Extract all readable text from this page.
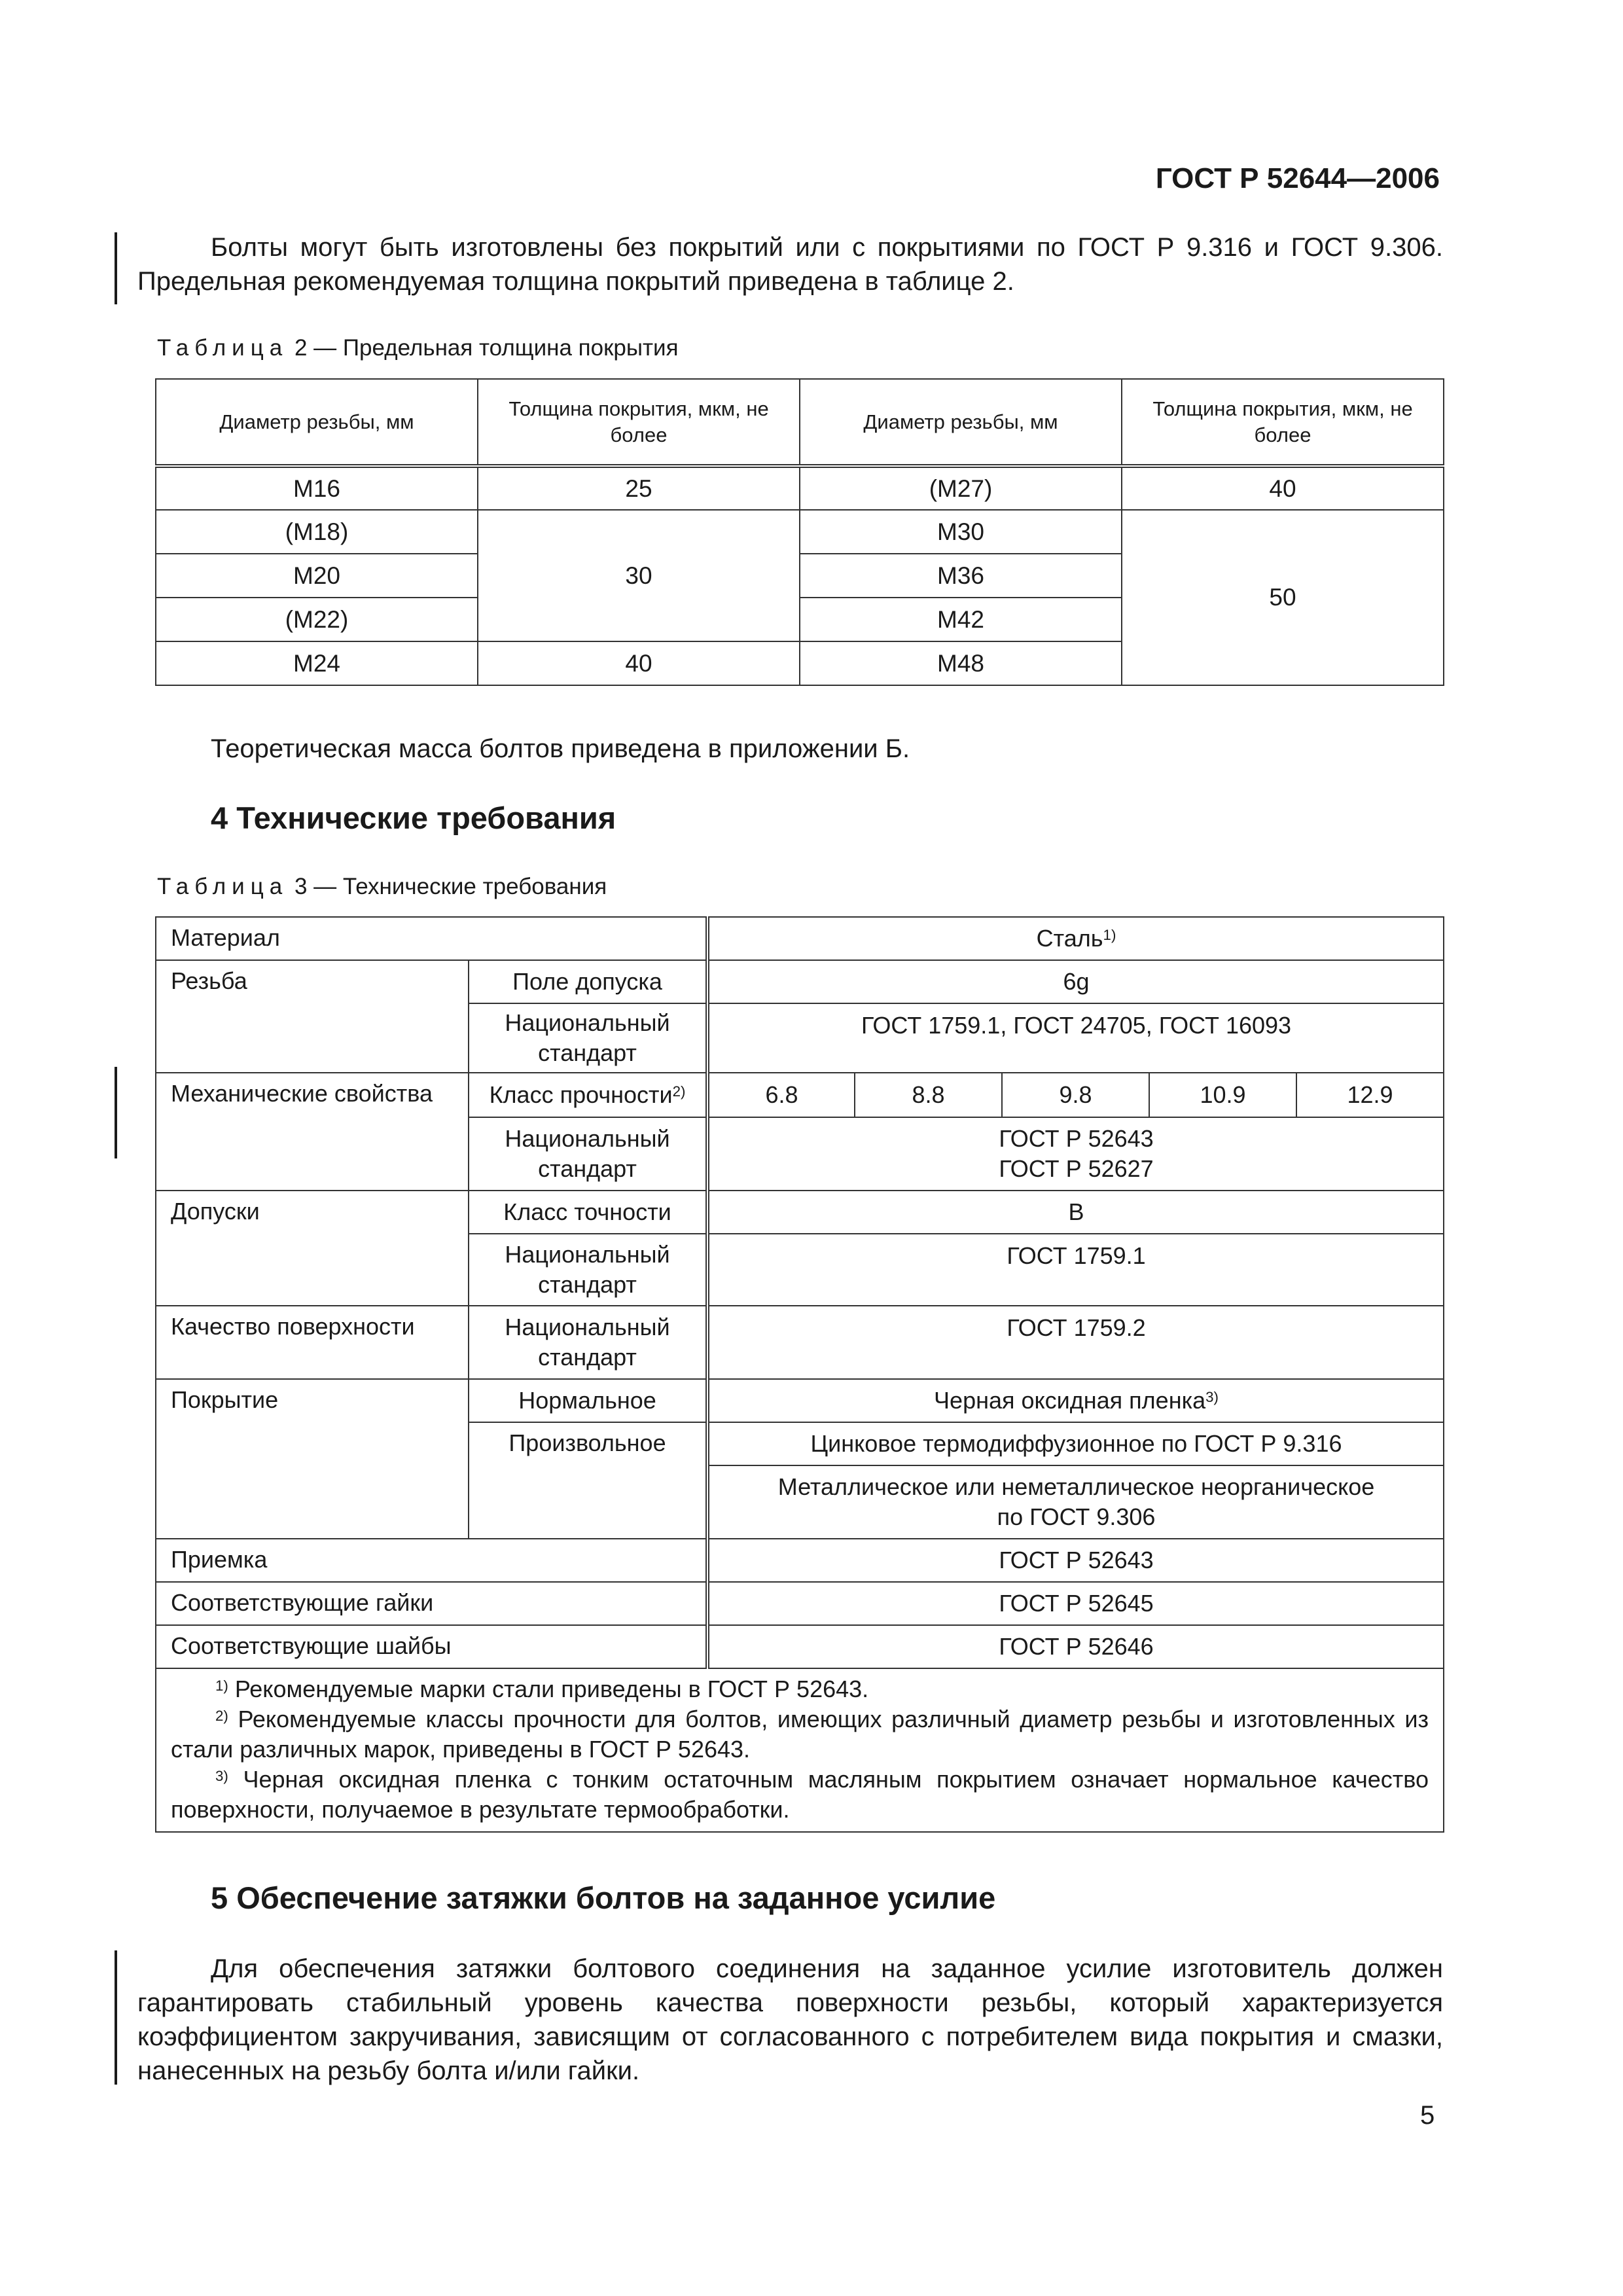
ГОСТ Р 52644—2006
Болты могут быть изготовлены без покрытий или с покрытиями по ГОСТ Р 9.316 и ГОСТ 9.306. Предельная рекомендуемая толщина покрытий приведена в таблице 2.
Таблица 2 — Предельная толщина покрытия
Диаметр резьбы, мм	Толщина покрытия, мкм, не более	Диаметр резьбы, мм	Толщина покрытия, мкм, не более
М16	25	(М27)	40
(М18)	30	М30	50
М20		М36	
(М22)		М42	
М24	40	М48	
Теоретическая масса болтов приведена в приложении Б.
4 Технические требования
Таблица 3 — Технические требования
Материал		Сталь$^{1)}$
Резьба	Поле допуска	6g				
	Национальный стандарт	ГОСТ 1759.1, ГОСТ 24705, ГОСТ 16093				
Механические свойства	Класс прочности$^{2)}$	6.8	8.8	9.8	10.9	12.9
	Национальный стандарт	ГОСТ Р 52643
ГОСТ Р 52627				

Допуски	Класс точности	В				
	Национальный стандарт	ГОСТ 1759.1				
Качество поверхности	Национальный стандарт	ГОСТ 1759.2				
Покрытие	Нормальное	Черная оксидная пленка$^{3)}$
	Произвольное	Цинковое термодиффузионное по ГОСТ Р 9.316				

		Металлическое или неметаллическое неорганическое
по ГОСТ 9.306				

Приемка		ГОСТ Р 52643				
Соответствующие гайки		ГОСТ Р 52645				
Соответствующие шайбы		ГОСТ Р 52646				

$^{1)}$ Рекомендуемые марки стали приведены в ГОСТ Р 52643.
$^{2)}$ Рекомендуемые классы прочности для болтов, имеющих различный диаметр резьбы и изготовленных из стали различных марок, приведены в ГОСТ Р 52643.
$^{3)}$ Черная оксидная пленка с тонким остаточным масляным покрытием означает нормальное качество поверхности, получаемое в результате термообработки.						
5 Обеспечение затяжки болтов на заданное усилие
Для обеспечения затяжки болтового соединения на заданное усилие изготовитель должен гарантировать стабильный уровень качества поверхности резьбы, который характеризуется коэффициентом закручивания, зависящим от согласованного с потребителем вида покрытия и смазки, нанесенных на резьбу болта и/или гайки.
5
